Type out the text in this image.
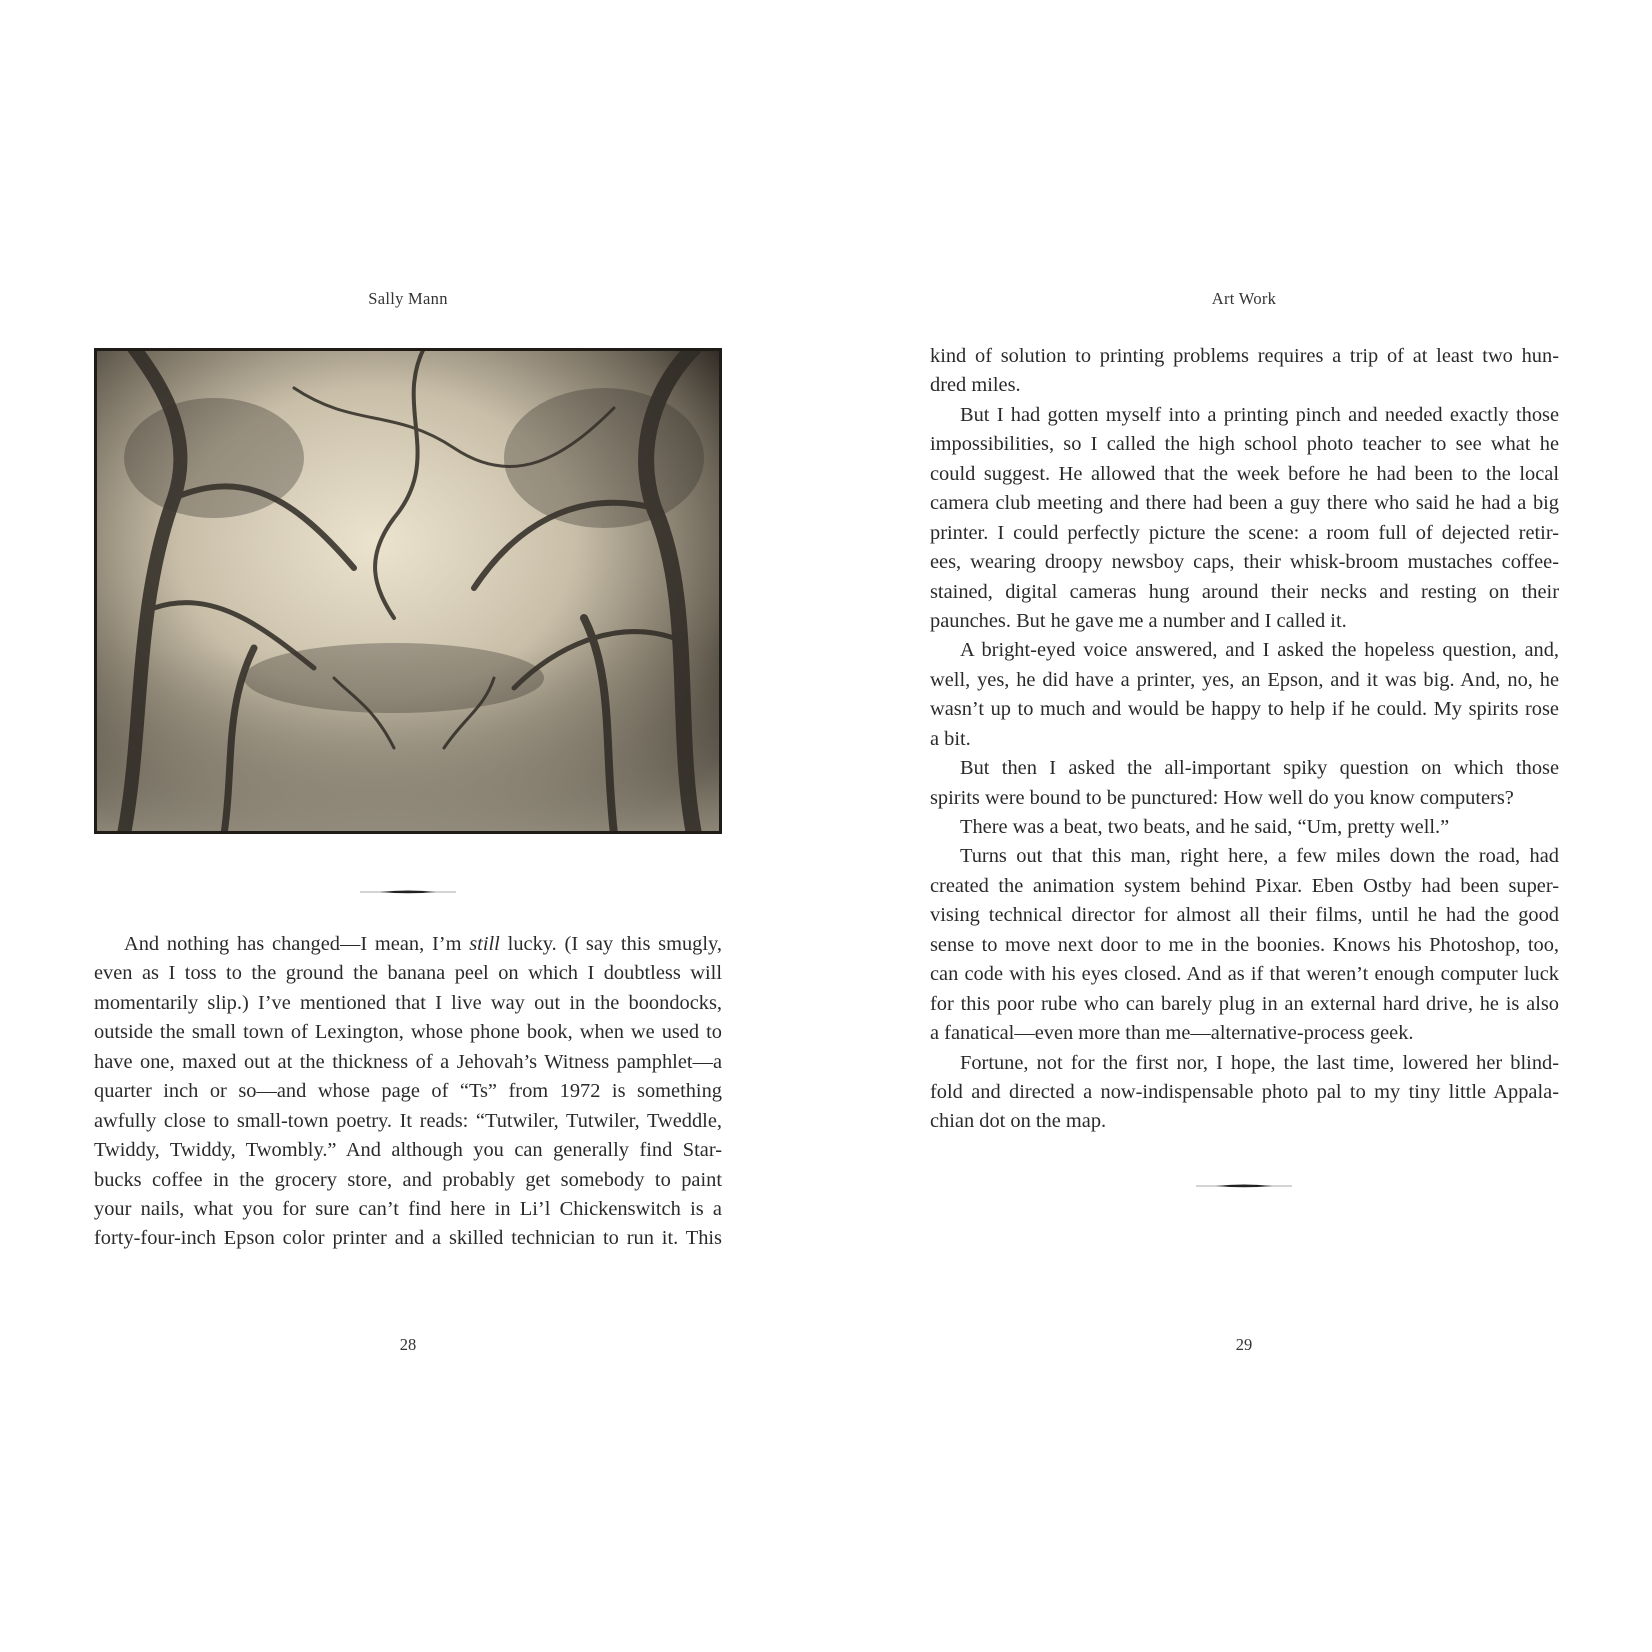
Sally Mann
And nothing has changed—I mean, I’m still lucky. (I say this smugly,
even as I toss to the ground the banana peel on which I doubtless will
momentarily slip.) I’ve mentioned that I live way out in the boondocks,
outside the small town of Lexington, whose phone book, when we used to
have one, maxed out at the thickness of a Jehovah’s Witness pamphlet—a
quarter inch or so—and whose page of “Ts” from 1972 is something
awfully close to small-town poetry. It reads: “Tutwiler, Tutwiler, Tweddle,
Twiddy, Twiddy, Twombly.” And although you can generally find Star-
bucks coffee in the grocery store, and probably get somebody to paint
your nails, what you for sure can’t find here in Li’l Chickenswitch is a
forty-four-inch Epson color printer and a skilled technician to run it. This
28
Art Work
kind of solution to printing problems requires a trip of at least two hun-
dred miles.
But I had gotten myself into a printing pinch and needed exactly those
impossibilities, so I called the high school photo teacher to see what he
could suggest. He allowed that the week before he had been to the local
camera club meeting and there had been a guy there who said he had a big
printer. I could perfectly picture the scene: a room full of dejected retir-
ees, wearing droopy newsboy caps, their whisk-broom mustaches coffee-
stained, digital cameras hung around their necks and resting on their
paunches. But he gave me a number and I called it.
A bright-eyed voice answered, and I asked the hopeless question, and,
well, yes, he did have a printer, yes, an Epson, and it was big. And, no, he
wasn’t up to much and would be happy to help if he could. My spirits rose
a bit.
But then I asked the all-important spiky question on which those
spirits were bound to be punctured: How well do you know computers?
There was a beat, two beats, and he said, “Um, pretty well.”
Turns out that this man, right here, a few miles down the road, had
created the animation system behind Pixar. Eben Ostby had been super-
vising technical director for almost all their films, until he had the good
sense to move next door to me in the boonies. Knows his Photoshop, too,
can code with his eyes closed. And as if that weren’t enough computer luck
for this poor rube who can barely plug in an external hard drive, he is also
a fanatical—even more than me—alternative-process geek.
Fortune, not for the first nor, I hope, the last time, lowered her blind-
fold and directed a now-indispensable photo pal to my tiny little Appala-
chian dot on the map.
29
